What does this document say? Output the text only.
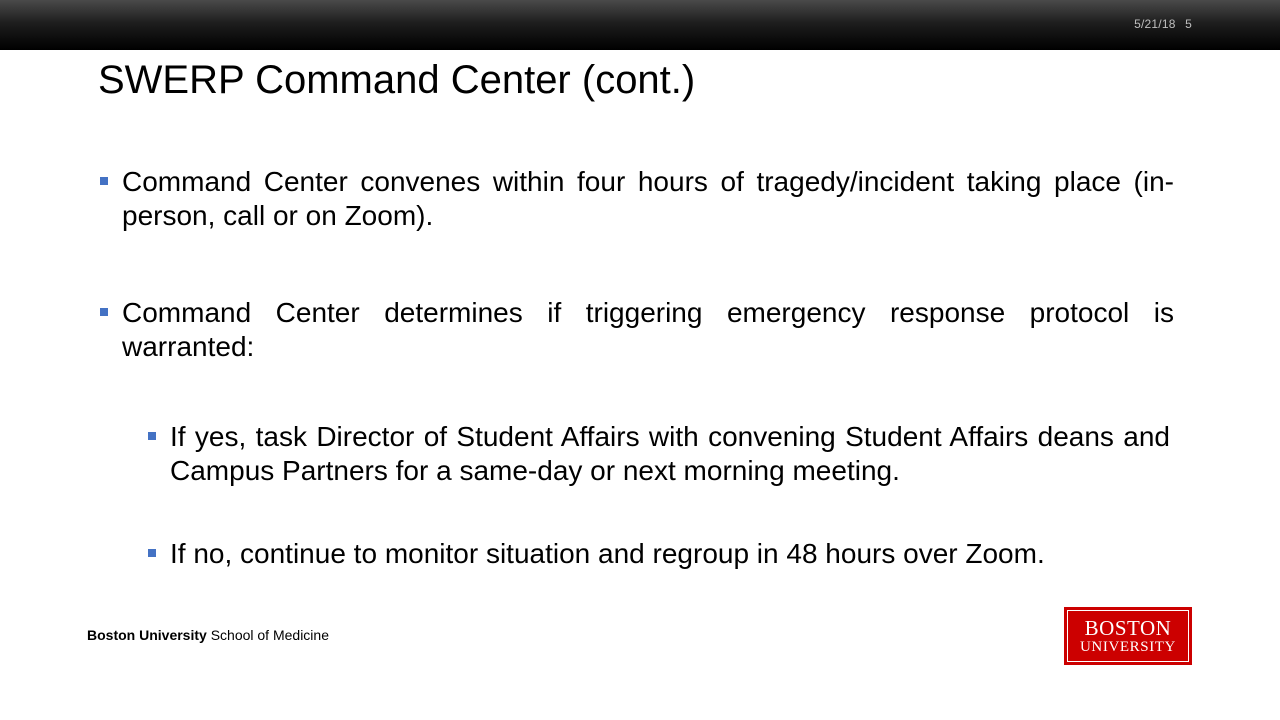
5/21/18 5
SWERP Command Center (cont.)
Command Center convenes within four hours of tragedy/incident taking place (in-person, call or on Zoom).
Command Center determines if triggering emergency response protocol is warranted:
If yes, task Director of Student Affairs with convening Student Affairs deans and Campus Partners for a same-day or next morning meeting.
If no, continue to monitor situation and regroup in 48 hours over Zoom.
Boston University School of Medicine	BOSTON
UNIVERSITY
